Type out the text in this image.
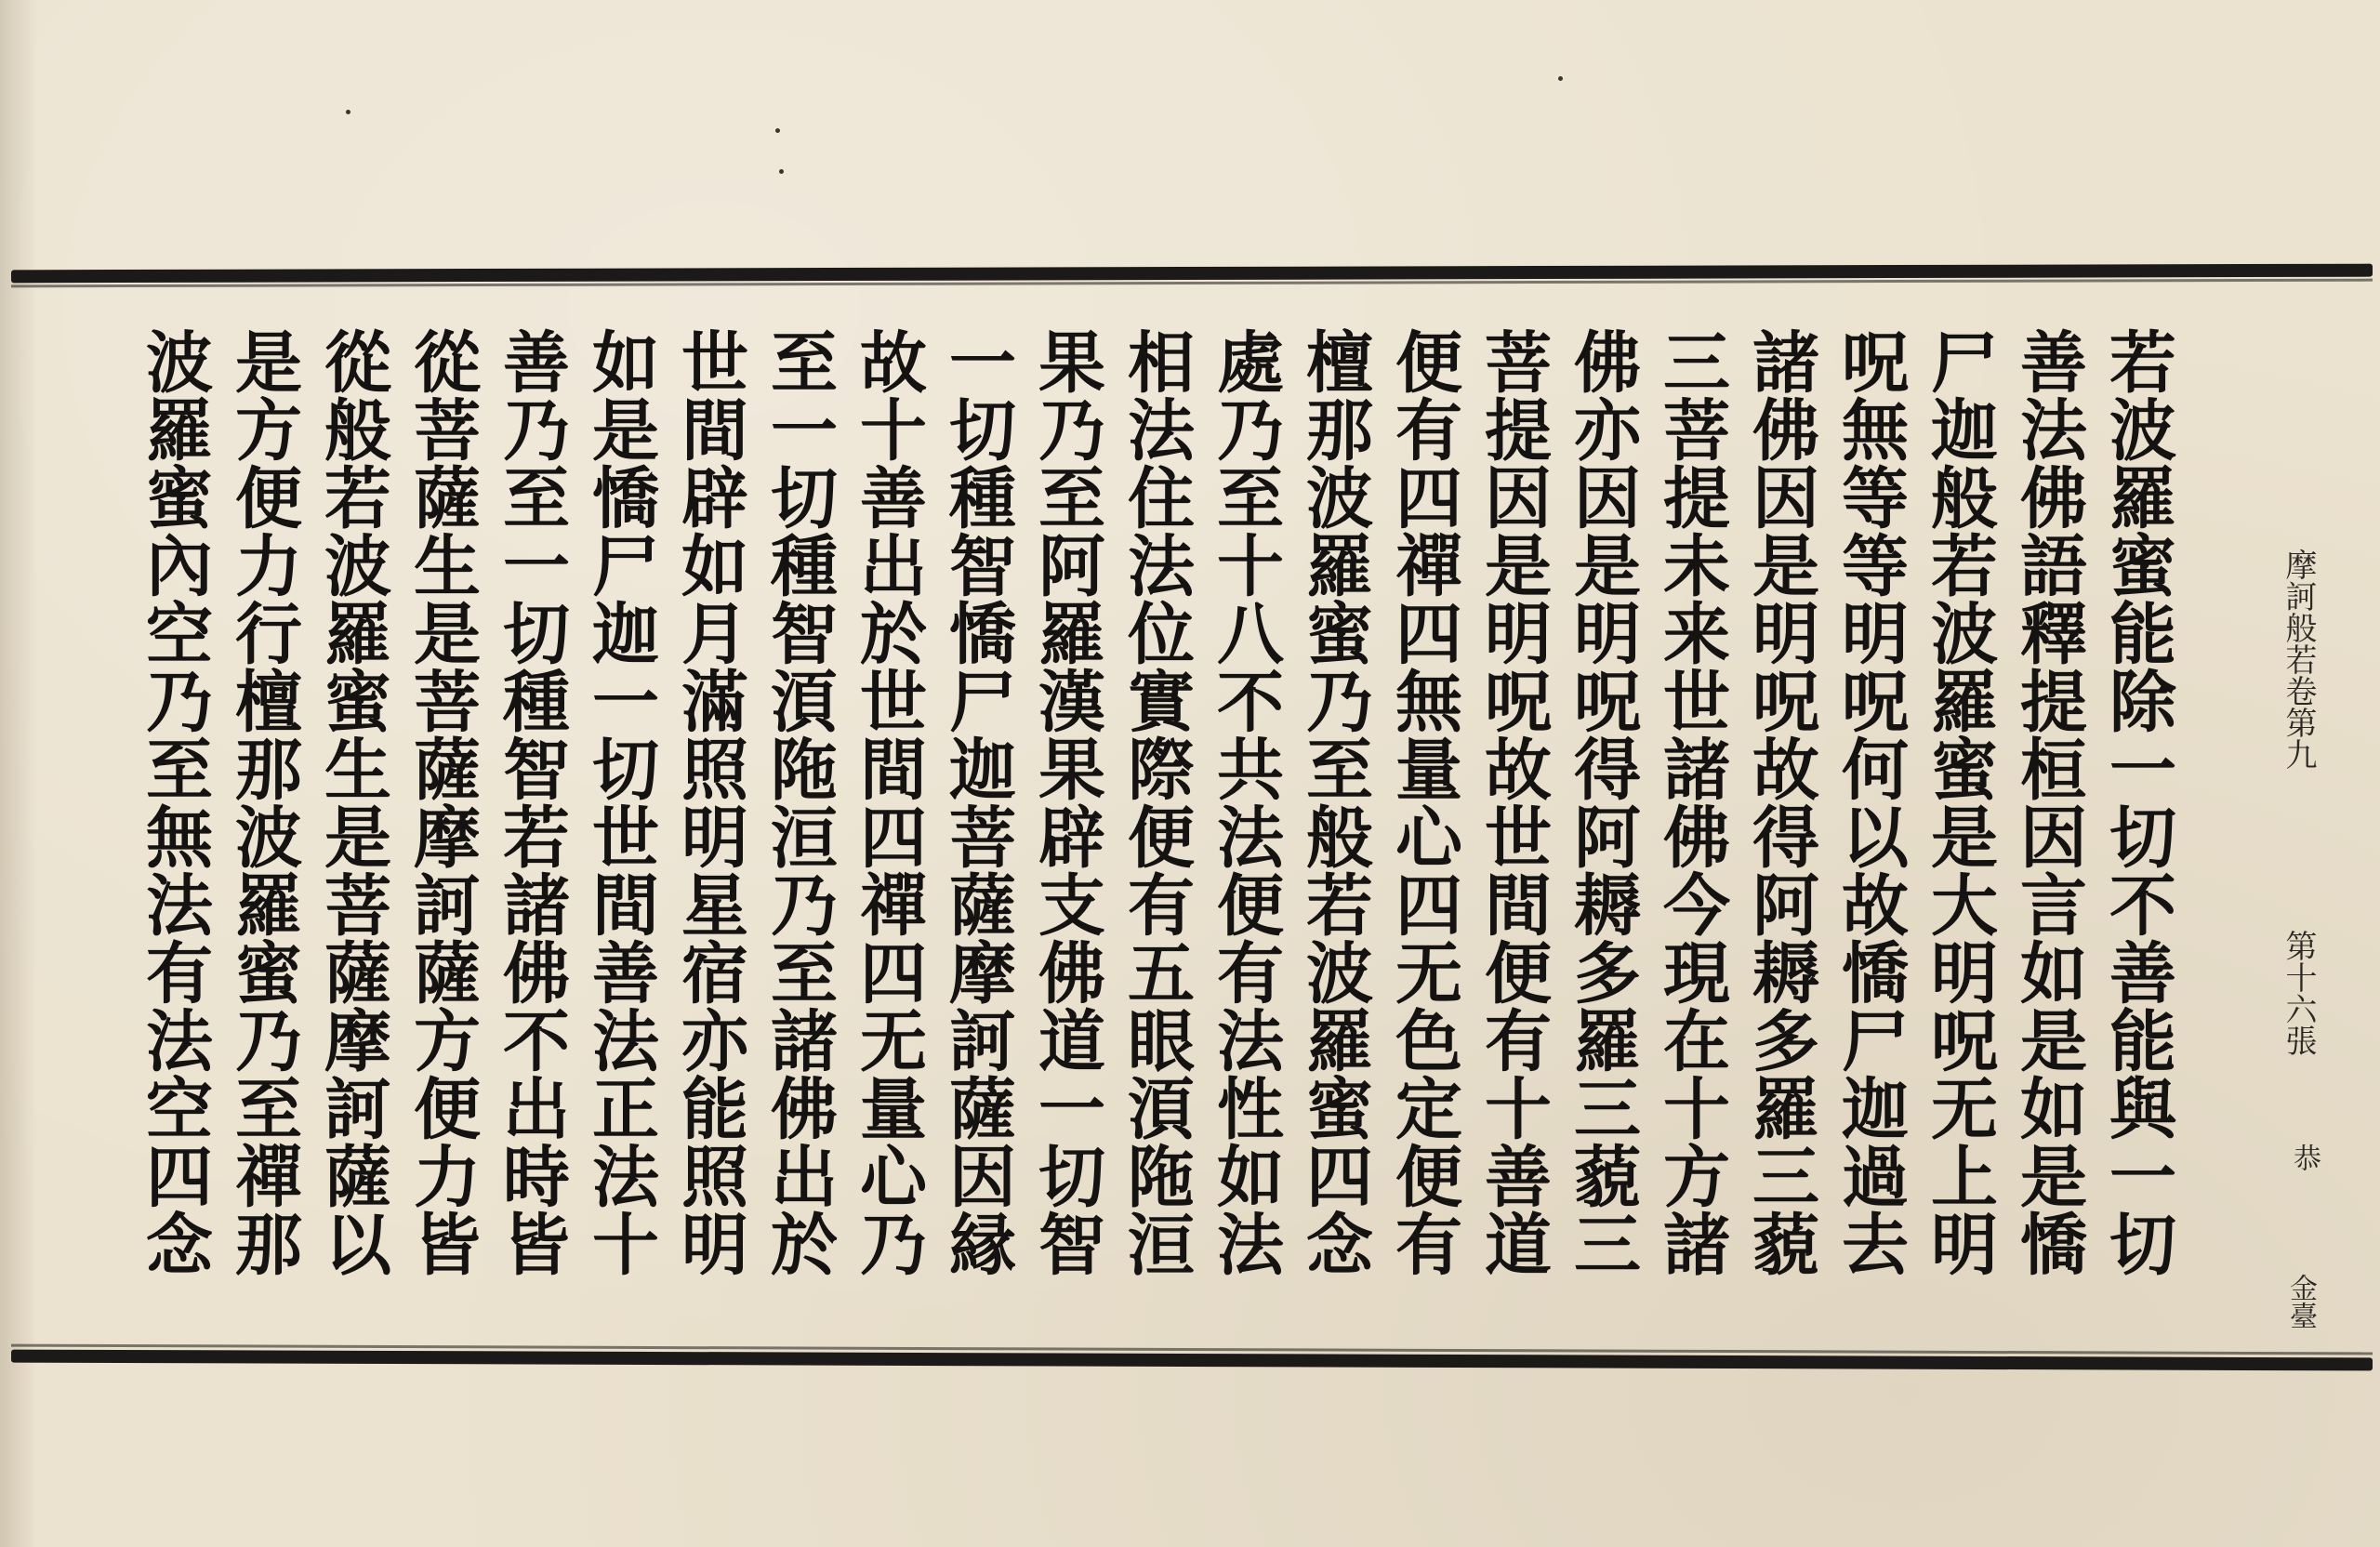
若波羅蜜能除一切不善能與一切
善法佛語釋提桓因言如是如是憍
尸迦般若波羅蜜是大明呪无上明
呪無等等明呪何以故憍尸迦過去
諸佛因是明呪故得阿耨多羅三藐
三菩提未来世諸佛今現在十方諸
佛亦因是明呪得阿耨多羅三藐三
菩提因是明呪故世間便有十善道
便有四禪四無量心四无色定便有
檀那波羅蜜乃至般若波羅蜜四念
處乃至十八不共法便有法性如法
相法住法位實際便有五眼湏陁洹
果乃至阿羅漢果辟支佛道一切智
一切種智憍尸迦菩薩摩訶薩因縁
故十善出於世間四禪四无量心乃
至一切種智湏陁洹乃至諸佛出於
世間辟如月滿照明星宿亦能照明
如是憍尸迦一切世間善法正法十
善乃至一切種智若諸佛不出時皆
從菩薩生是菩薩摩訶薩方便力皆
從般若波羅蜜生是菩薩摩訶薩以
是方便力行檀那波羅蜜乃至禪那
波羅蜜內空乃至無法有法空四念	摩訶般若卷第九
第十六張
恭
金臺
